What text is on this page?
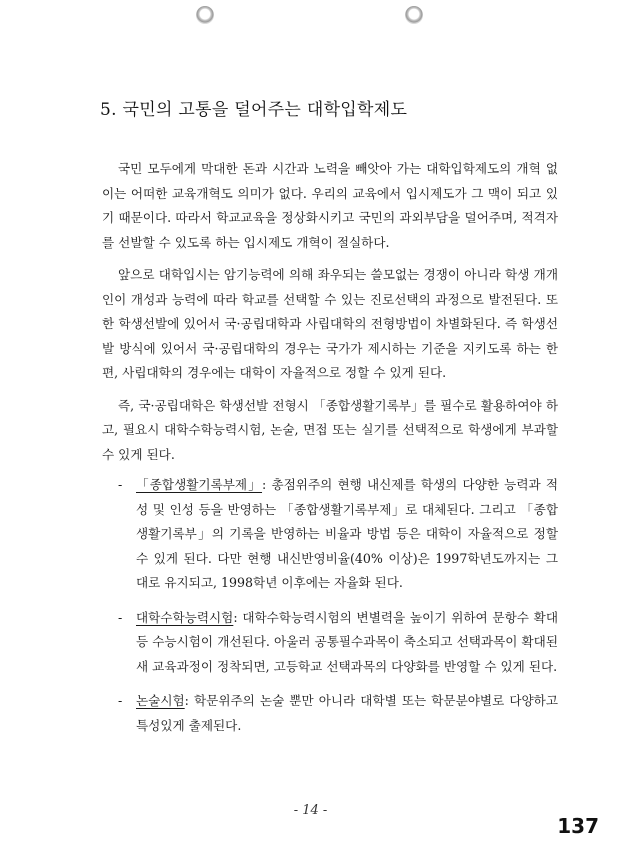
5. 국민의 고통을 덜어주는 대학입학제도

국민 모두에게 막대한 돈과 시간과 노력을 빼앗아 가는 대학입학제도의 개혁 없이는 어떠한 교육개혁도 의미가 없다. 우리의 교육에서 입시제도가 그 맥이 되고 있기 때문이다. 따라서 학교교육을 정상화시키고 국민의 과외부담을 덜어주며, 적격자를 선발할 수 있도록 하는 입시제도 개혁이 절실하다.

앞으로 대학입시는 암기능력에 의해 좌우되는 쓸모없는 경쟁이 아니라 학생 개개인이 개성과 능력에 따라 학교를 선택할 수 있는 진로선택의 과정으로 발전된다. 또한 학생선발에 있어서 국·공립대학과 사립대학의 전형방법이 차별화된다. 즉 학생선발 방식에 있어서 국·공립대학의 경우는 국가가 제시하는 기준을 지키도록 하는 한편, 사립대학의 경우에는 대학이 자율적으로 정할 수 있게 된다.

즉, 국·공립대학은 학생선발 전형시 「종합생활기록부」를 필수로 활용하여야 하고, 필요시 대학수학능력시험, 논술, 면접 또는 실기를 선택적으로 학생에게 부과할 수 있게 된다.

- 「종합생활기록부제」: 총점위주의 현행 내신제를 학생의 다양한 능력과 적성 및 인성 등을 반영하는 「종합생활기록부제」로 대체된다. 그리고 「종합생활기록부」의 기록을 반영하는 비율과 방법 등은 대학이 자율적으로 정할 수 있게 된다. 다만 현행 내신반영비율(40% 이상)은 1997학년도까지는 그대로 유지되고, 1998학년 이후에는 자율화 된다.
- 대학수학능력시험: 대학수학능력시험의 변별력을 높이기 위하여 문항수 확대 등 수능시험이 개선된다. 아울러 공통필수과목이 축소되고 선택과목이 확대된 새 교육과정이 정착되면, 고등학교 선택과목의 다양화를 반영할 수 있게 된다.
- 논술시험: 학문위주의 논술 뿐만 아니라 대학별 또는 학문분야별로 다양하고 특성있게 출제된다.
- 14 -
137
